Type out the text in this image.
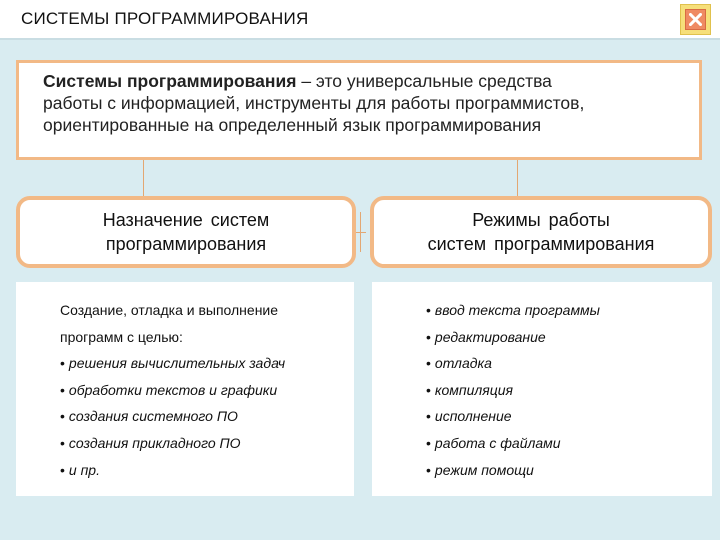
СИСТЕМЫ ПРОГРАММИРОВАНИЯ
Системы программирования – это универсальные средства
работы с информацией, инструменты для работы программистов,
ориентированные на определенный язык программирования
Назначение систем
программирования
Создание, отладка и выполнение
программ с целью:
• решения вычислительных задач
• обработки текстов и графики
• создания системного ПО
• создания прикладного ПО
• и пр.
Режимы работы
систем программирования
• ввод текста программы
• редактирование
• отладка
• компиляция
• исполнение
• работа с файлами
• режим помощи
